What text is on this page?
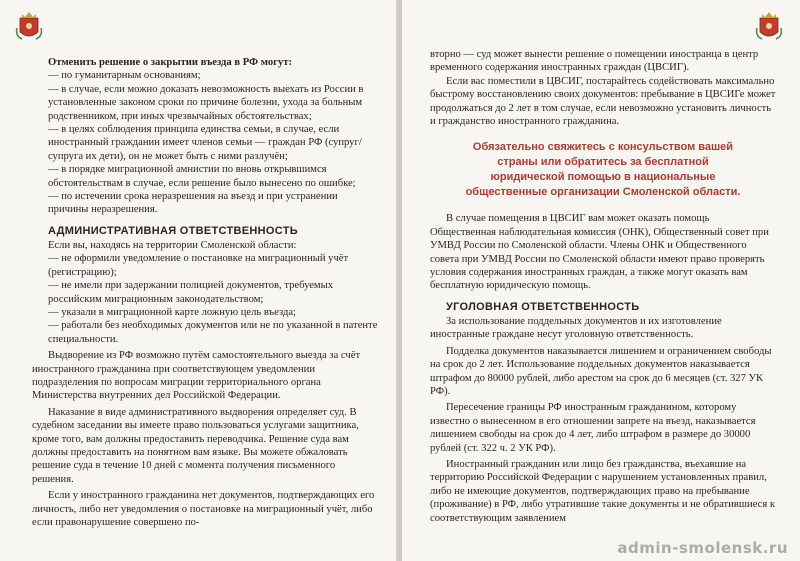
Отменить решение о закрытии въезда в РФ могут:

— по гуманитарным основаниям;

— в случае, если можно доказать невозможность выехать из России в установленные законом сроки по причине болезни, ухода за больным родственником, при иных чрезвычайных обстоятельствах;

— в целях соблюдения принципа единства семьи, в случае, если иностранный гражданин имеет членов семьи — граждан РФ (супруг/супруга их дети), он не может быть с ними разлучён;

— в порядке миграционной амнистии по вновь открывшимся обстоятельствам в случае, если решение было вынесено по ошибке;

— по истечении срока неразрешения на въезд и при устранении причины неразрешения.

АДМИНИСТРАТИВНАЯ ОТВЕТСТВЕННОСТЬ

Если вы, находясь на территории Смоленской области:

— не оформили уведомление о постановке на миграционный учёт (регистрацию);

— не имели при задержании полицией документов, требуемых российским миграционным законодательством;

— указали в миграционной карте ложную цель въезда;

— работали без необходимых документов или не по указанной в патенте специальности.

Выдворение из РФ возможно путём самостоятельного выезда за счёт иностранного гражданина при соответствующем уведомлении подразделения по вопросам миграции территориального органа Министерства внутренних дел Российской Федерации.

Наказание в виде административного выдворения определяет суд. В судебном заседании вы имеете право пользоваться услугами защитника, кроме того, вам должны предоставить переводчика. Решение суда вам должны предоставить на понятном вам языке. Вы можете обжаловать решение суда в течение 10 дней с момента получения письменного решения.

Если у иностранного гражданина нет документов, подтверждающих его личность, либо нет уведомления о постановке на миграционный учёт, либо если правонарушение совершено по-

вторно — суд может вынести решение о помещении иностранца в центр временного содержания иностранных граждан (ЦВСИГ).

Если вас поместили в ЦВСИГ, постарайтесь содействовать максимально быстрому восстановлению своих документов: пребывание в ЦВСИГе может продолжаться до 2 лет в том случае, если невозможно установить личность и гражданство иностранного гражданина.

Обязательно свяжитесь с консульством вашей страны или обратитесь за бесплатной юридической помощью в национальные общественные организации Смоленской области.

В случае помещения в ЦВСИГ вам может оказать помощь Общественная наблюдательная комиссия (ОНК), Общественный совет при УМВД России по Смоленской области. Члены ОНК и Общественного совета при УМВД России по Смоленской области имеют право проверять условия содержания иностранных граждан, а также могут оказать вам бесплатную юридическую помощь.

УГОЛОВНАЯ ОТВЕТСТВЕННОСТЬ

За использование поддельных документов и их изготовление иностранные граждане несут уголовную ответственность.

Подделка документов наказывается лишением и ограничением свободы на срок до 2 лет. Использование поддельных документов наказывается штрафом до 80000 рублей, либо арестом на срок до 6 месяцев (ст. 327 УК РФ).

Пересечение границы РФ иностранным гражданином, которому известно о вынесенном в его отношении запрете на въезд, наказывается лишением свободы на срок до 4 лет, либо штрафом в размере до 30000 рублей (ст. 322 ч. 2 УК РФ).

Иностранный гражданин или лицо без гражданства, въехавшие на территорию Российской Федерации с нарушением установленных правил, либо не имеющие документов, подтверждающих право на пребывание (проживание) в РФ, либо утратившие такие документы и не обратившиеся к соответствующим заявлением

admin-smolensk.ru
